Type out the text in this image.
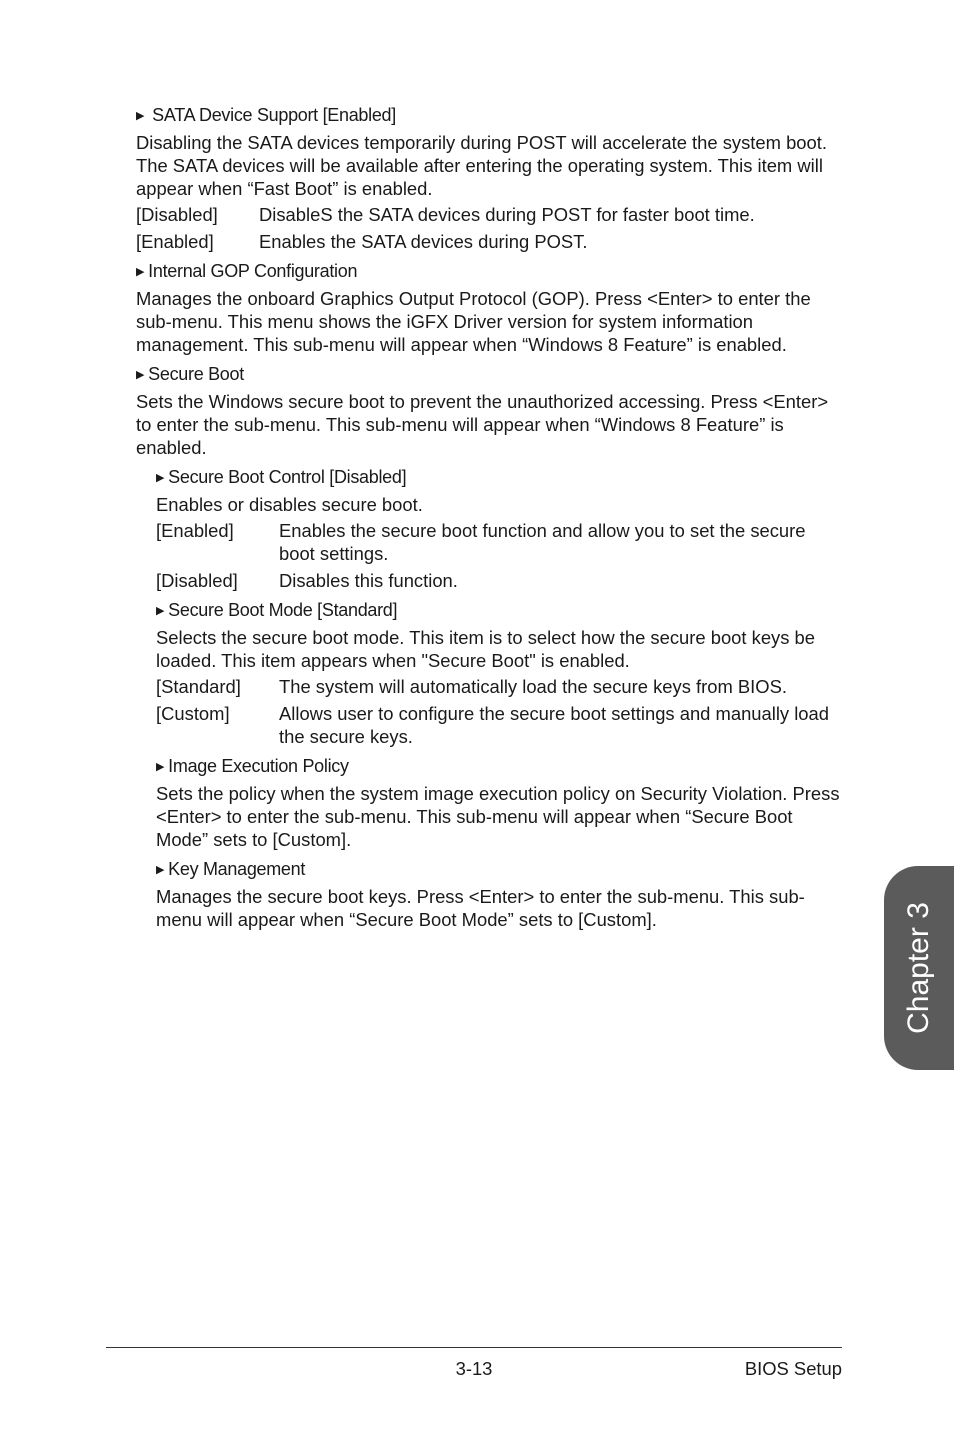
▶ SATA Device Support [Enabled]

Disabling the SATA devices temporarily during POST will accelerate the system boot. The SATA devices will be available after entering the operating system. This item will appear when “Fast Boot” is enabled.

[Disabled]	DisableS the SATA devices during POST for faster boot time.
[Enabled]	Enables the SATA devices during POST.
▶ Internal GOP Configuration

Manages the onboard Graphics Output Protocol (GOP). Press <Enter> to enter the sub-menu. This menu shows the iGFX Driver version for system information management. This sub-menu will appear when “Windows 8 Feature” is enabled.

▶ Secure Boot

Sets the Windows secure boot to prevent the unauthorized accessing. Press <Enter> to enter the sub-menu. This sub-menu will appear when “Windows 8 Feature” is enabled.

▶ Secure Boot Control [Disabled]

Enables or disables secure boot.

[Enabled]	Enables the secure boot function and allow you to set the secure boot settings.
[Disabled]	Disables this function.
▶ Secure Boot Mode [Standard]

Selects the secure boot mode. This item is to select how the secure boot keys be loaded. This item appears when "Secure Boot" is enabled.

[Standard]	The system will automatically load the secure keys from BIOS.
[Custom]	Allows user to configure the secure boot settings and manually load the secure keys.
▶ Image Execution Policy

Sets the policy when the system image execution policy on Security Violation. Press <Enter> to enter the sub-menu. This sub-menu will appear when “Secure Boot Mode” sets to [Custom].

▶ Key Management

Manages the secure boot keys. Press <Enter> to enter the sub-menu. This sub-menu will appear when “Secure Boot Mode” sets to [Custom].	Chapter 3
3-13	BIOS Setup
